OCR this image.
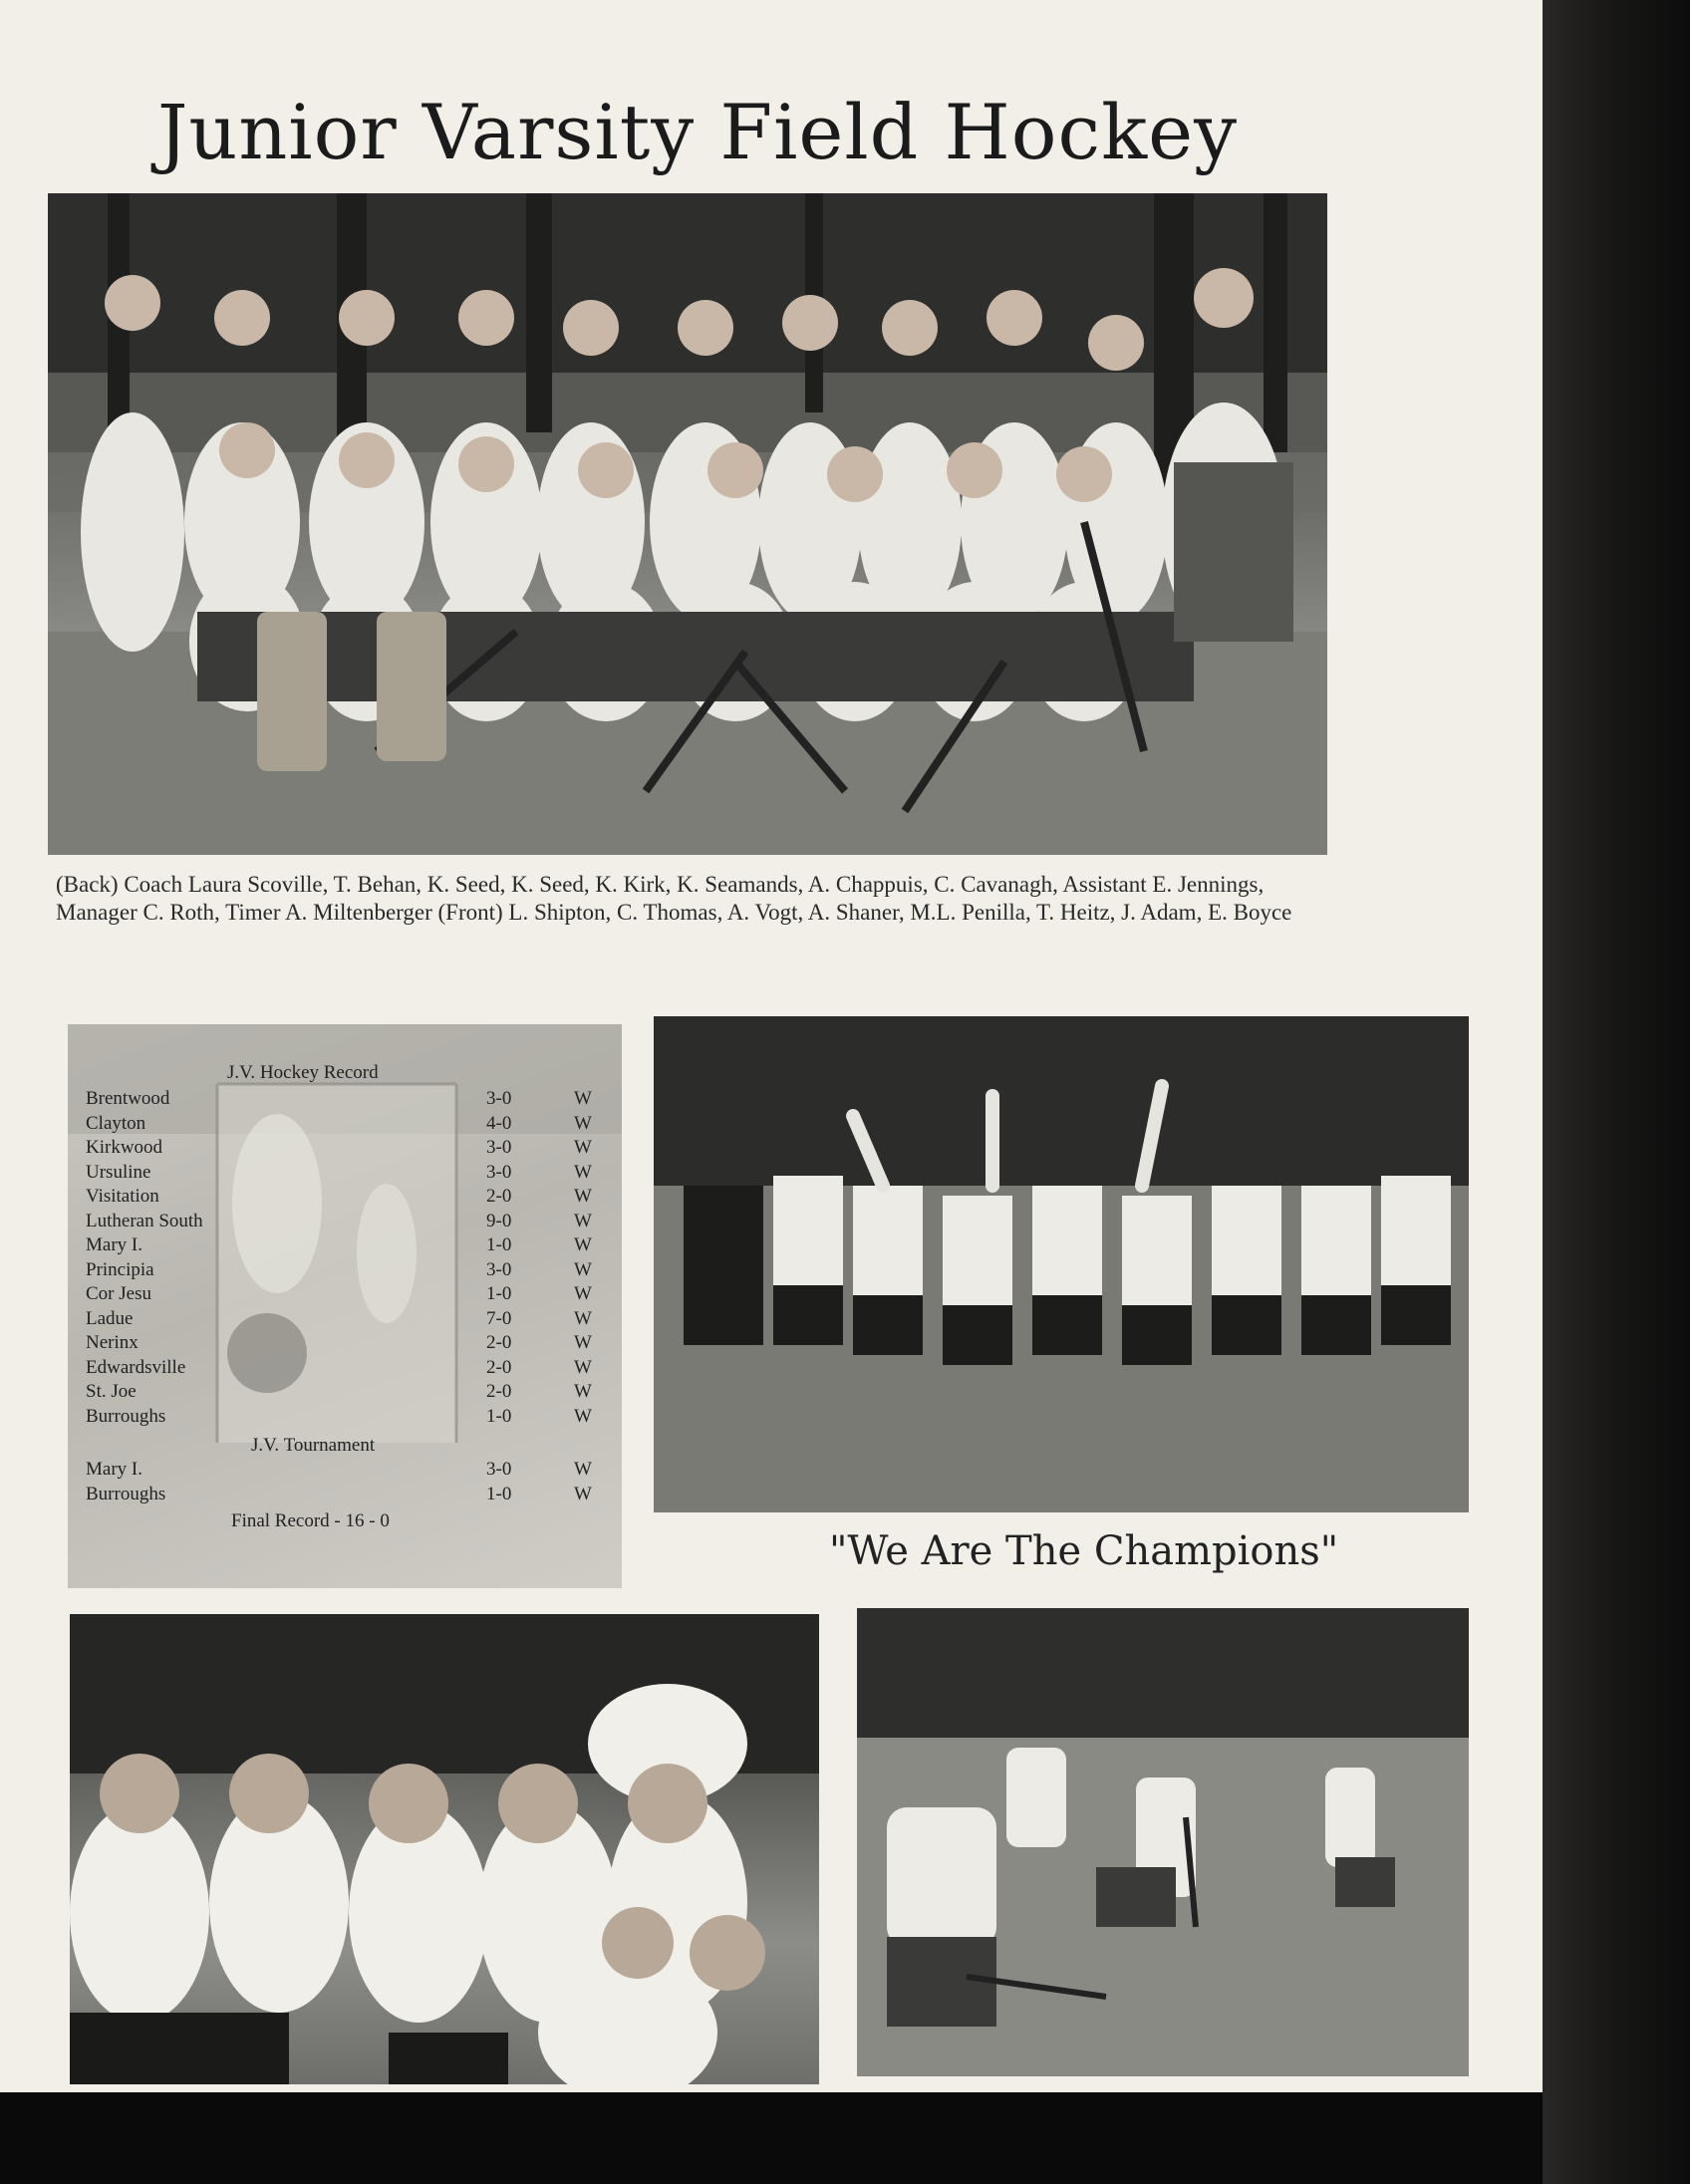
Junior Varsity Field Hockey

(Back) Coach Laura Scoville, T. Behan, K. Seed, K. Seed, K. Kirk, K. Seamands, A. Chappuis, C. Cavanagh, Assistant E. Jennings, Manager C. Roth, Timer A. Miltenberger (Front) L. Shipton, C. Thomas, A. Vogt, A. Shaner, M.L. Penilla, T. Heitz, J. Adam, E. Boyce

J.V. Hockey Record
Brentwood	3-0	W
Clayton	4-0	W
Kirkwood	3-0	W
Ursuline	3-0	W
Visitation	2-0	W
Lutheran South	9-0	W
Mary I.	1-0	W
Principia	3-0	W
Cor Jesu	1-0	W
Ladue	7-0	W
Nerinx	2-0	W
Edwardsville	2-0	W
St. Joe	2-0	W
Burroughs	1-0	W
J.V. Tournament
Mary I.	3-0	W
Burroughs	1-0	W
Final Record - 16 - 0

"We Are The Champions"
